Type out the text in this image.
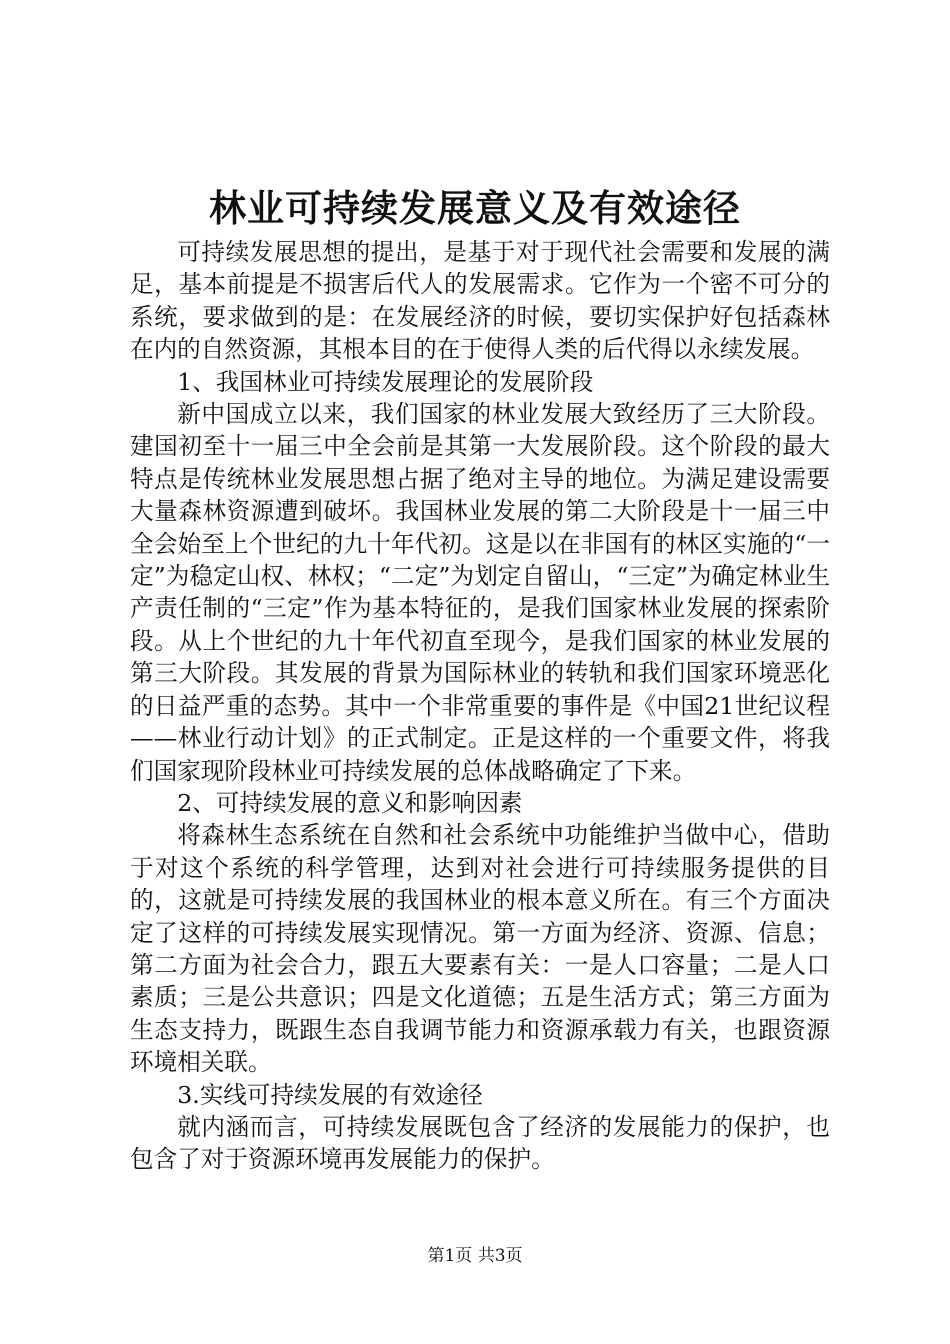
林业可持续发展意义及有效途径

可持续发展思想的提出，是基于对于现代社会需要和发展的满足，基本前提是不损害后代人的发展需求。它作为一个密不可分的系统，要求做到的是：在发展经济的时候，要切实保护好包括森林在内的自然资源，其根本目的在于使得人类的后代得以永续发展。

1、我国林业可持续发展理论的发展阶段

新中国成立以来，我们国家的林业发展大致经历了三大阶段。建国初至十一届三中全会前是其第一大发展阶段。这个阶段的最大特点是传统林业发展思想占据了绝对主导的地位。为满足建设需要大量森林资源遭到破坏。我国林业发展的第二大阶段是十一届三中全会始至上个世纪的九十年代初。这是以在非国有的林区实施的“一定”为稳定山权、林权；“二定”为划定自留山，“三定”为确定林业生产责任制的“三定”作为基本特征的，是我们国家林业发展的探索阶段。从上个世纪的九十年代初直至现今，是我们国家的林业发展的第三大阶段。其发展的背景为国际林业的转轨和我们国家环境恶化的日益严重的态势。其中一个非常重要的事件是《中国21世纪议程——林业行动计划》的正式制定。正是这样的一个重要文件，将我们国家现阶段林业可持续发展的总体战略确定了下来。

2、可持续发展的意义和影响因素

将森林生态系统在自然和社会系统中功能维护当做中心，借助于对这个系统的科学管理，达到对社会进行可持续服务提供的目的，这就是可持续发展的我国林业的根本意义所在。有三个方面决定了这样的可持续发展实现情况。第一方面为经济、资源、信息；第二方面为社会合力，跟五大要素有关：一是人口容量；二是人口素质；三是公共意识；四是文化道德；五是生活方式；第三方面为生态支持力，既跟生态自我调节能力和资源承载力有关，也跟资源环境相关联。

3.实线可持续发展的有效途径

就内涵而言，可持续发展既包含了经济的发展能力的保护，也包含了对于资源环境再发展能力的保护。

第1页 共3页
